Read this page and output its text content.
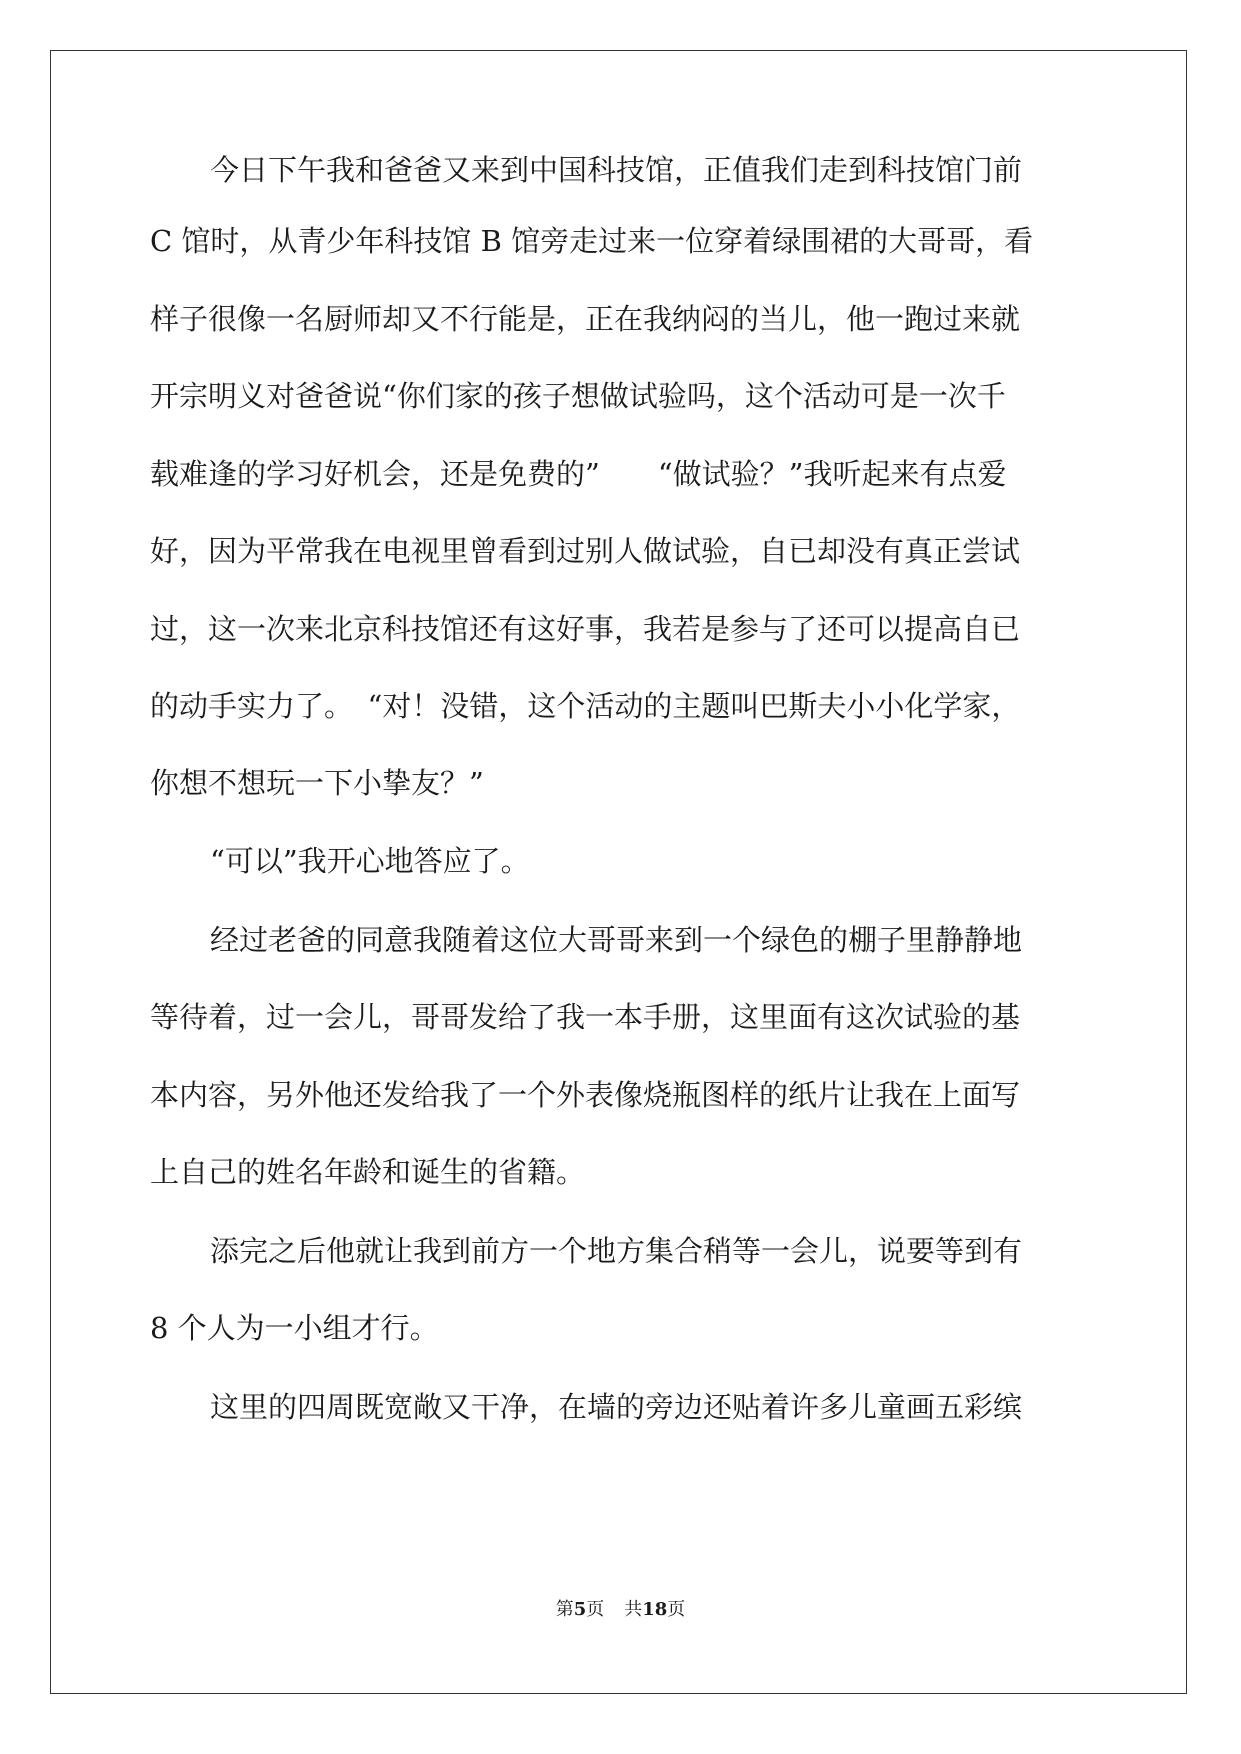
今日下午我和爸爸又来到中国科技馆，正值我们走到科技馆门前
C 馆时，从青少年科技馆 B 馆旁走过来一位穿着绿围裙的大哥哥，看
样子很像一名厨师却又不行能是，正在我纳闷的当儿，他一跑过来就
开宗明义对爸爸说“你们家的孩子想做试验吗，这个活动可是一次千
载难逢的学习好机会，还是免费的”　　“做试验？”我听起来有点爱
好，因为平常我在电视里曾看到过别人做试验，自已却没有真正尝试
过，这一次来北京科技馆还有这好事，我若是参与了还可以提高自已
的动手实力了。　“对！没错，这个活动的主题叫巴斯夫小小化学家，
你想不想玩一下小挚友？”
“可以”我开心地答应了。
经过老爸的同意我随着这位大哥哥来到一个绿色的棚子里静静地
等待着，过一会儿，哥哥发给了我一本手册，这里面有这次试验的基
本内容，另外他还发给我了一个外表像烧瓶图样的纸片让我在上面写
上自己的姓名年龄和诞生的省籍。
添完之后他就让我到前方一个地方集合稍等一会儿，说要等到有
8 个人为一小组才行。
这里的四周既宽敞又干净，在墙的旁边还贴着许多儿童画五彩缤
第5页 共18页
